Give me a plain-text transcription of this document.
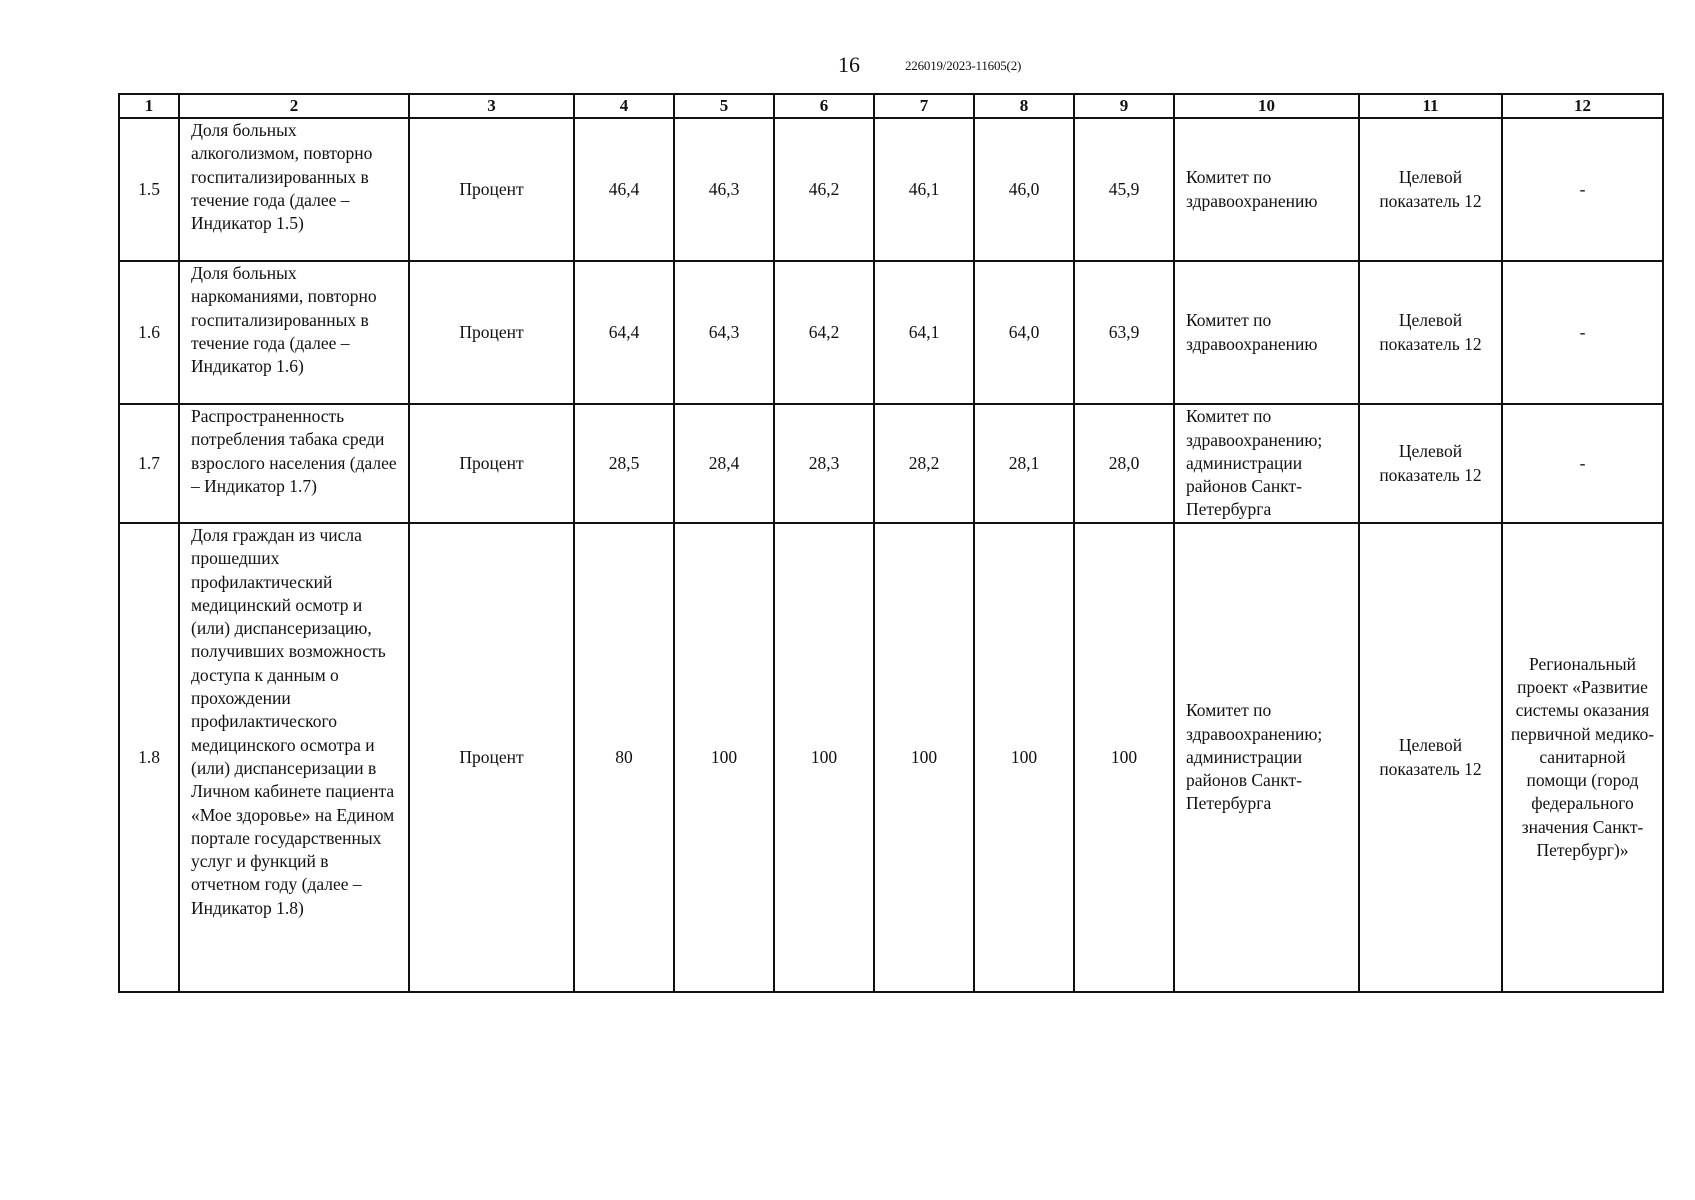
16	226019/2023-11605(2)
1	2	3	4	5	6	7	8	9	10	11	12
1.5	Доля больных алкоголизмом, повторно госпитализированных в течение года (далее – Индикатор 1.5)	Процент	46,4	46,3	46,2	46,1	46,0	45,9	Комитет по здравоохранению	Целевой показатель 12	-
1.6	Доля больных наркоманиями, повторно госпитализированных в течение года (далее – Индикатор 1.6)	Процент	64,4	64,3	64,2	64,1	64,0	63,9	Комитет по здравоохранению	Целевой показатель 12	-
1.7	Распространенность потребления табака среди взрослого населения (далее – Индикатор 1.7)	Процент	28,5	28,4	28,3	28,2	28,1	28,0	Комитет по здравоохранению; администрации районов Санкт-Петербурга	Целевой показатель 12	-
1.8	Доля граждан из числа прошедших профилактический медицинский осмотр и (или) диспансеризацию, получивших возможность доступа к данным о прохождении профилактического медицинского осмотра и (или) диспансеризации в Личном кабинете пациента «Мое здоровье» на Едином портале государственных услуг и функций в отчетном году (далее – Индикатор 1.8)	Процент	80	100	100	100	100	100	Комитет по здравоохранению; администрации районов Санкт-Петербурга	Целевой показатель 12	Региональный проект «Развитие системы оказания первичной медико-санитарной помощи (город федерального значения Санкт-Петербург)»
